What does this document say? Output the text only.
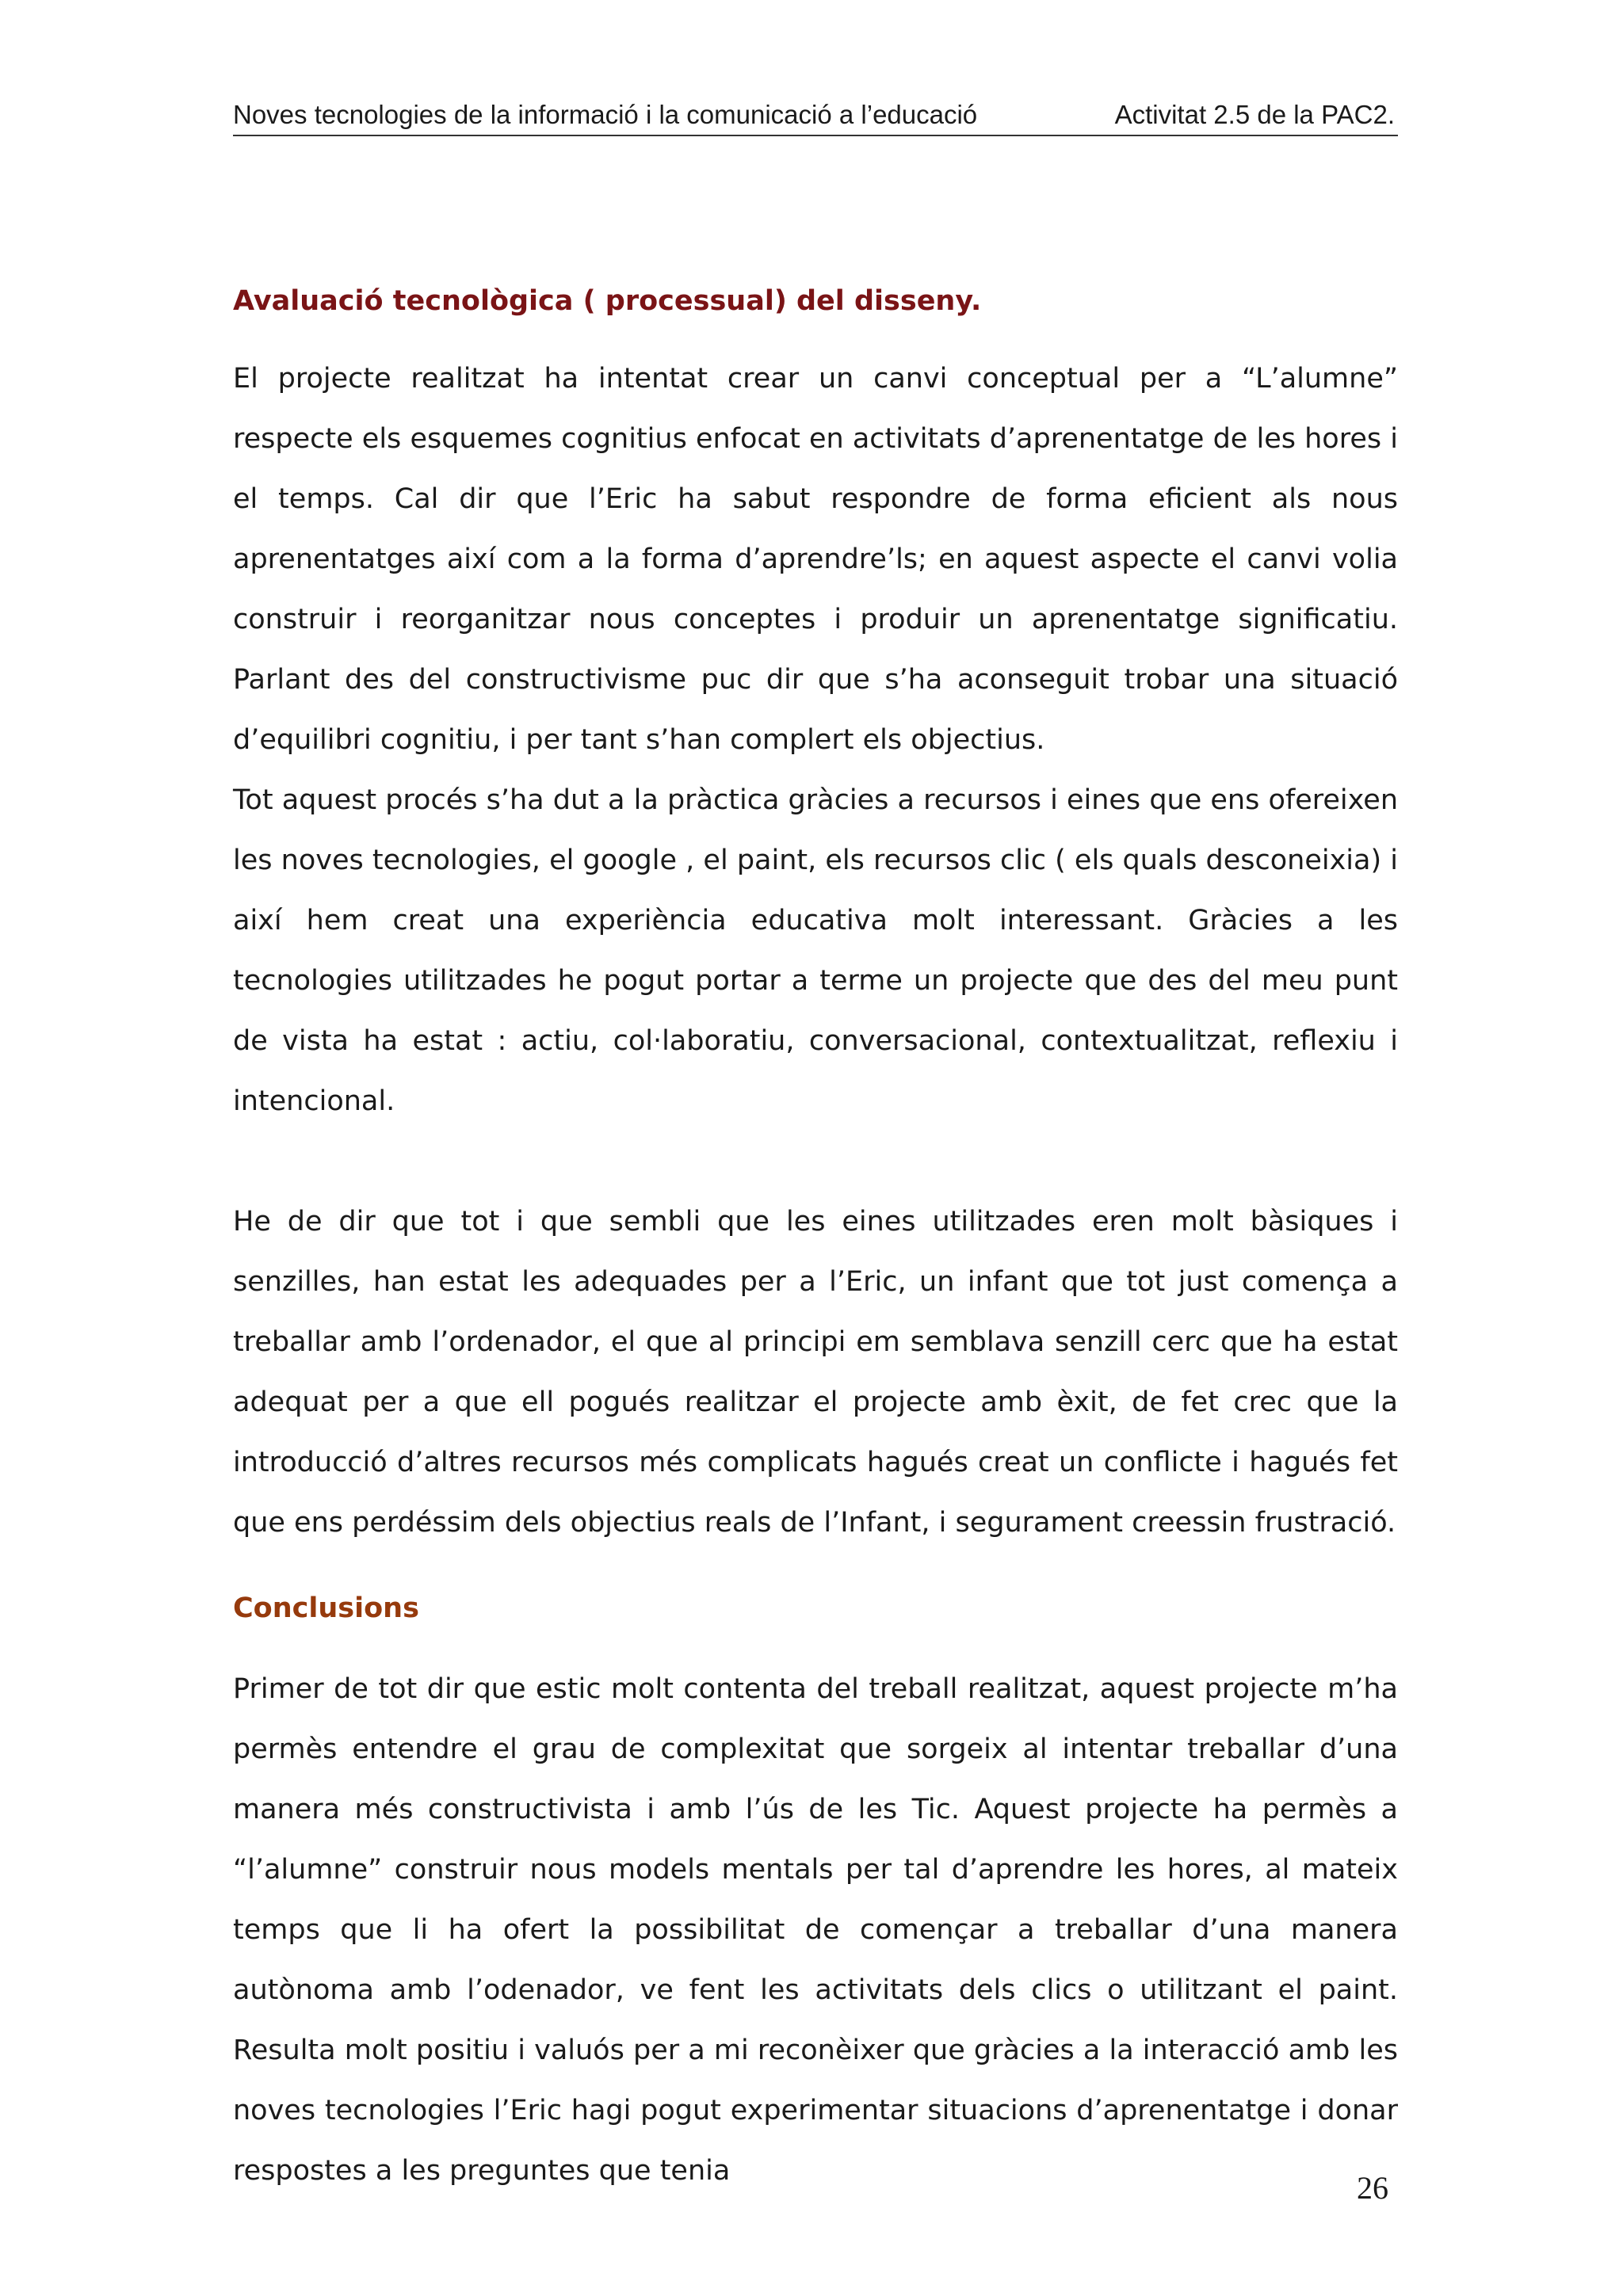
Noves tecnologies de la informació i la comunicació a l’educació	Activitat 2.5 de la PAC2.
Avaluació tecnològica ( processual) del disseny.

El projecte realitzat ha intentat crear un canvi conceptual per a “L’alumne” respecte els esquemes cognitius enfocat en activitats d’aprenentatge de les hores i el temps. Cal dir que l’Eric ha sabut respondre de forma eficient als nous aprenentatges així com a la forma d’aprendre’ls; en aquest aspecte el canvi volia construir i reorganitzar nous conceptes i produir un aprenentatge significatiu. Parlant des del constructivisme puc dir que s’ha aconseguit trobar una situació d’equilibri cognitiu, i per tant s’han complert els objectius.

Tot aquest procés s’ha dut a la pràctica gràcies a recursos i eines que ens ofereixen les noves tecnologies, el google , el paint, els recursos clic ( els quals desconeixia) i així hem creat una experiència educativa molt interessant. Gràcies a les tecnologies utilitzades he pogut portar a terme un projecte que des del meu punt de vista ha estat : actiu, col·laboratiu, conversacional, contextualitzat, reflexiu i intencional.

He de dir que tot i que sembli que les eines utilitzades eren molt bàsiques i senzilles, han estat les adequades per a l’Eric, un infant que tot just comença a treballar amb l’ordenador, el que al principi em semblava senzill cerc que ha estat adequat per a que ell pogués realitzar el projecte amb èxit, de fet crec que la introducció d’altres recursos més complicats hagués creat un conflicte i hagués fet que ens perdéssim dels objectius reals de l’Infant, i segurament creessin frustració.

Conclusions

Primer de tot dir que estic molt contenta del treball realitzat, aquest projecte m’ha permès entendre el grau de complexitat que sorgeix al intentar treballar d’una manera més constructivista i amb l’ús de les Tic. Aquest projecte ha permès a “l’alumne” construir nous models mentals per tal d’aprendre les hores, al mateix temps que li ha ofert la possibilitat de començar a treballar d’una manera autònoma amb l’odenador, ve fent les activitats dels clics o utilitzant el paint. Resulta molt positiu i valuós per a mi reconèixer que gràcies a la interacció amb les noves tecnologies l’Eric hagi pogut experimentar situacions d’aprenentatge i donar respostes a les preguntes que tenia	26
